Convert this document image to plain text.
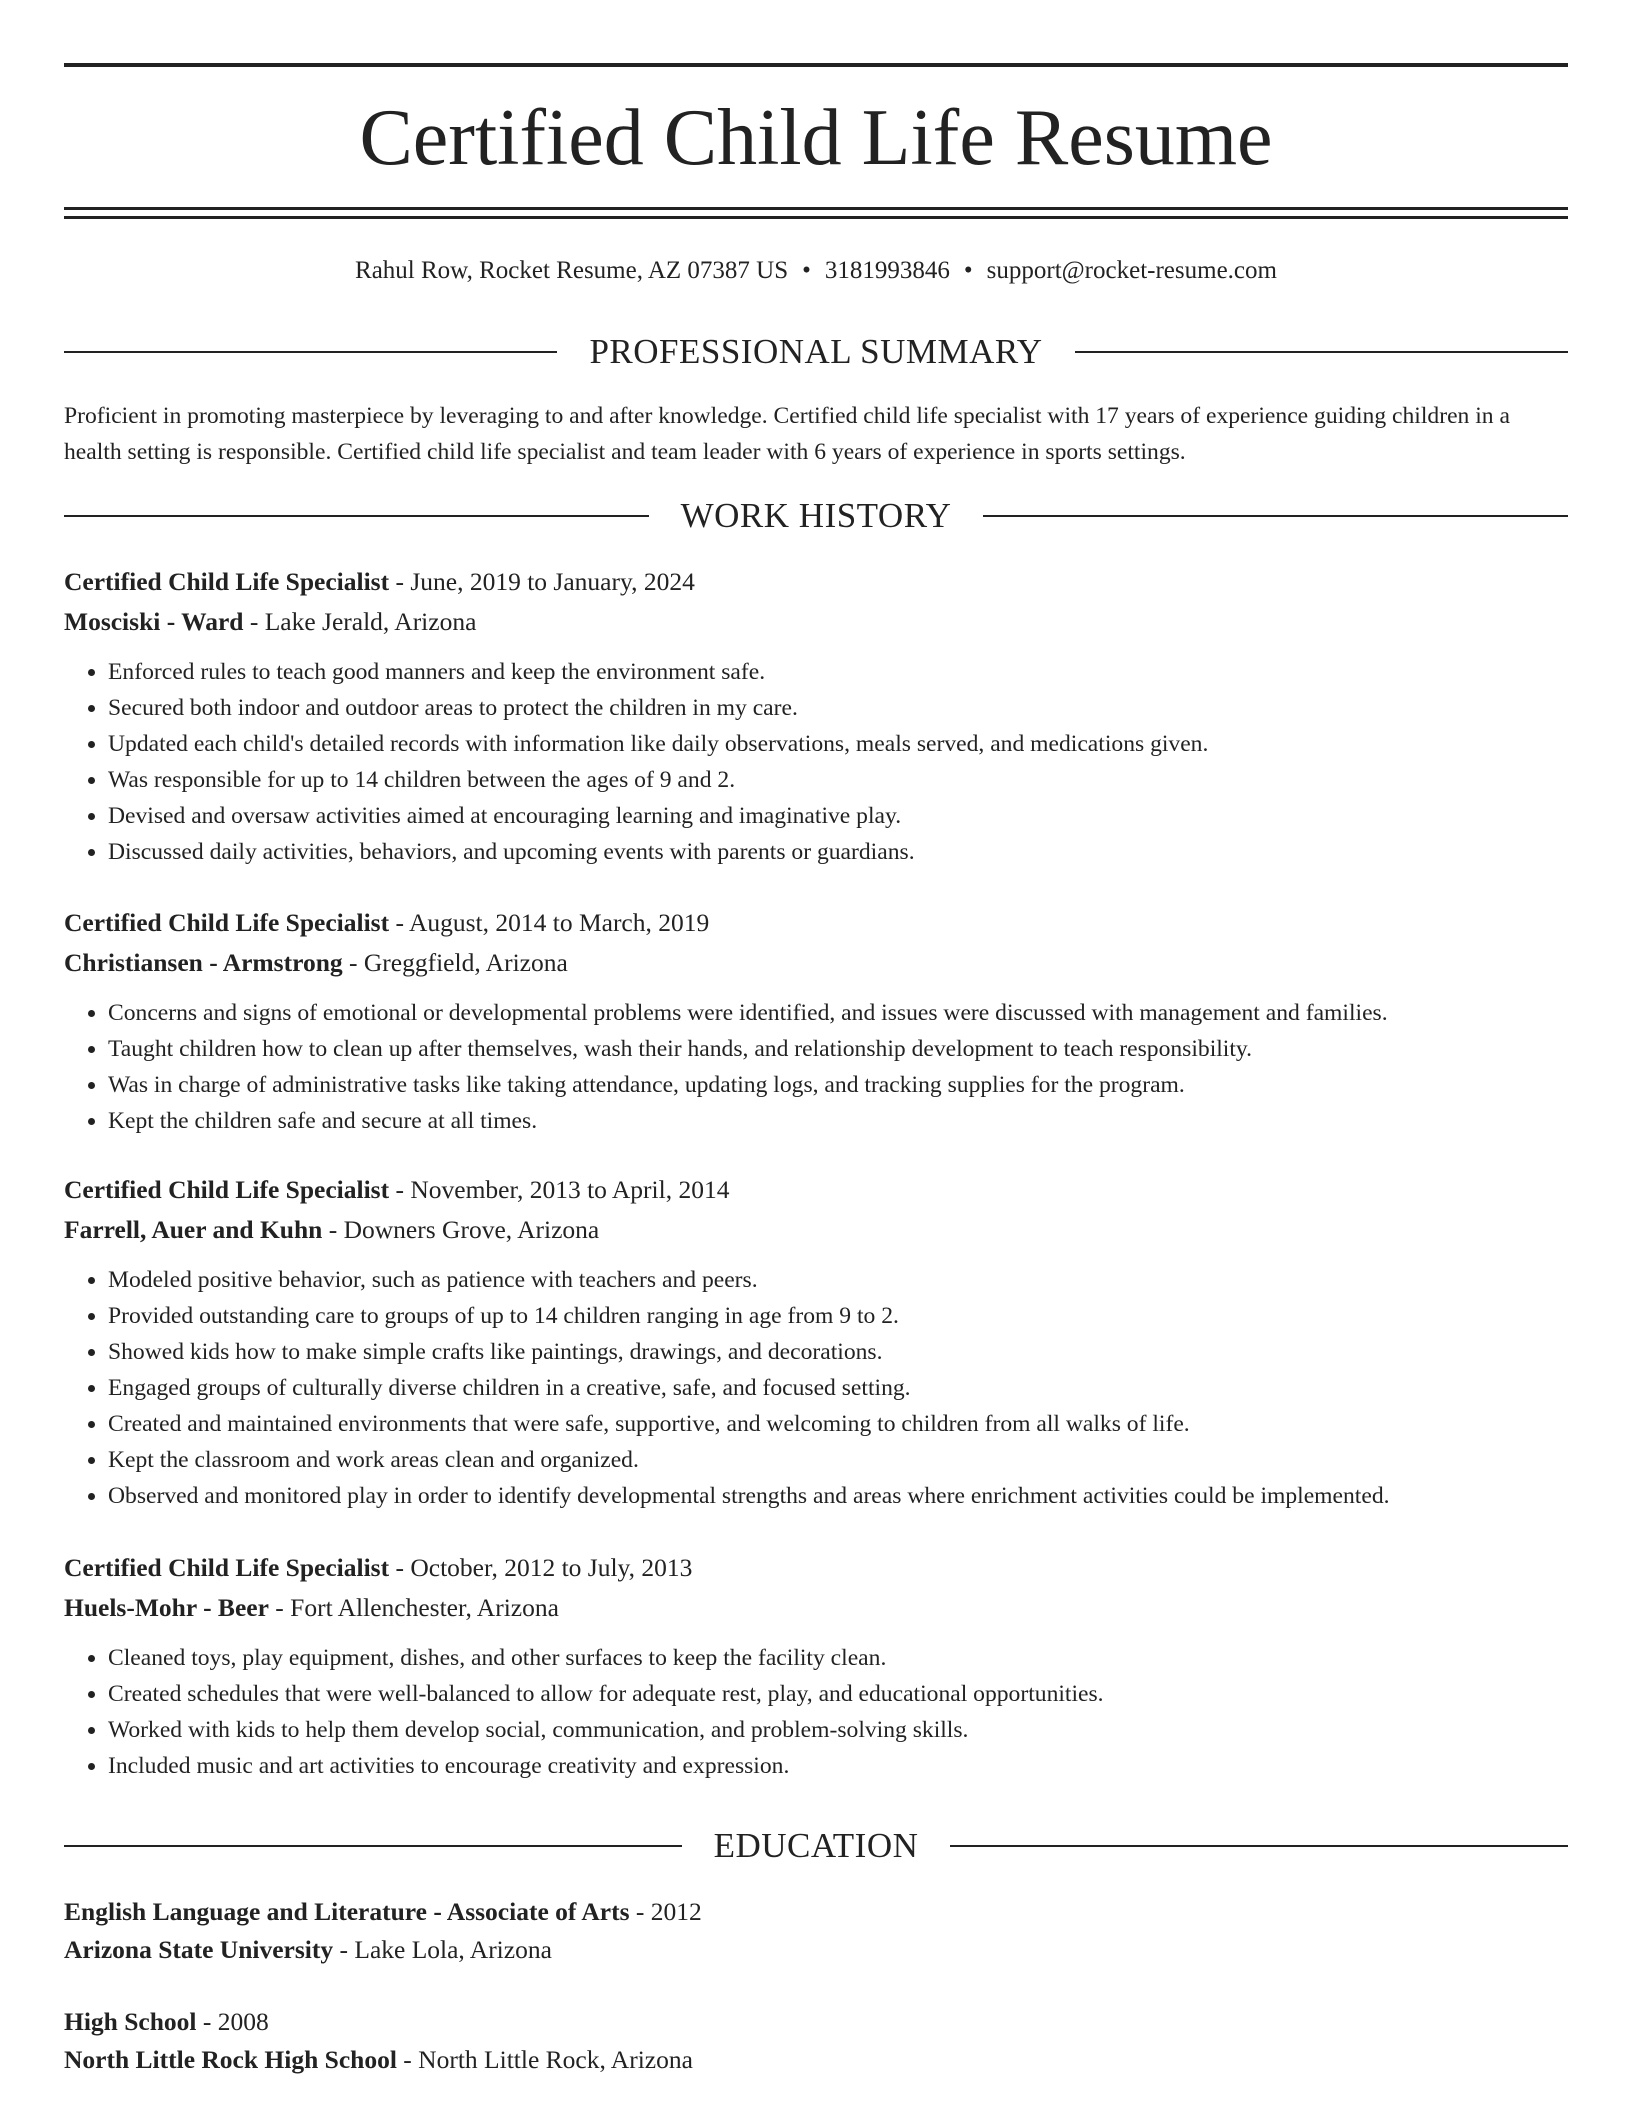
Certified Child Life Resume
Rahul Row, Rocket Resume, AZ 07387 US • 3181993846 • support@rocket-resume.com
PROFESSIONAL SUMMARY

Proficient in promoting masterpiece by leveraging to and after knowledge. Certified child life specialist with 17 years of experience guiding children in a health setting is responsible. Certified child life specialist and team leader with 6 years of experience in sports settings.

WORK HISTORY
Certified Child Life Specialist - June, 2019 to January, 2024
Mosciski - Ward - Lake Jerald, Arizona
• Enforced rules to teach good manners and keep the environment safe.
• Secured both indoor and outdoor areas to protect the children in my care.
• Updated each child's detailed records with information like daily observations, meals served, and medications given.
• Was responsible for up to 14 children between the ages of 9 and 2.
• Devised and oversaw activities aimed at encouraging learning and imaginative play.
• Discussed daily activities, behaviors, and upcoming events with parents or guardians.
Certified Child Life Specialist - August, 2014 to March, 2019
Christiansen - Armstrong - Greggfield, Arizona
• Concerns and signs of emotional or developmental problems were identified, and issues were discussed with management and families.
• Taught children how to clean up after themselves, wash their hands, and relationship development to teach responsibility.
• Was in charge of administrative tasks like taking attendance, updating logs, and tracking supplies for the program.
• Kept the children safe and secure at all times.
Certified Child Life Specialist - November, 2013 to April, 2014
Farrell, Auer and Kuhn - Downers Grove, Arizona
• Modeled positive behavior, such as patience with teachers and peers.
• Provided outstanding care to groups of up to 14 children ranging in age from 9 to 2.
• Showed kids how to make simple crafts like paintings, drawings, and decorations.
• Engaged groups of culturally diverse children in a creative, safe, and focused setting.
• Created and maintained environments that were safe, supportive, and welcoming to children from all walks of life.
• Kept the classroom and work areas clean and organized.
• Observed and monitored play in order to identify developmental strengths and areas where enrichment activities could be implemented.
Certified Child Life Specialist - October, 2012 to July, 2013
Huels-Mohr - Beer - Fort Allenchester, Arizona
• Cleaned toys, play equipment, dishes, and other surfaces to keep the facility clean.
• Created schedules that were well-balanced to allow for adequate rest, play, and educational opportunities.
• Worked with kids to help them develop social, communication, and problem-solving skills.
• Included music and art activities to encourage creativity and expression.
EDUCATION
English Language and Literature - Associate of Arts - 2012
Arizona State University - Lake Lola, Arizona
High School - 2008
North Little Rock High School - North Little Rock, Arizona
